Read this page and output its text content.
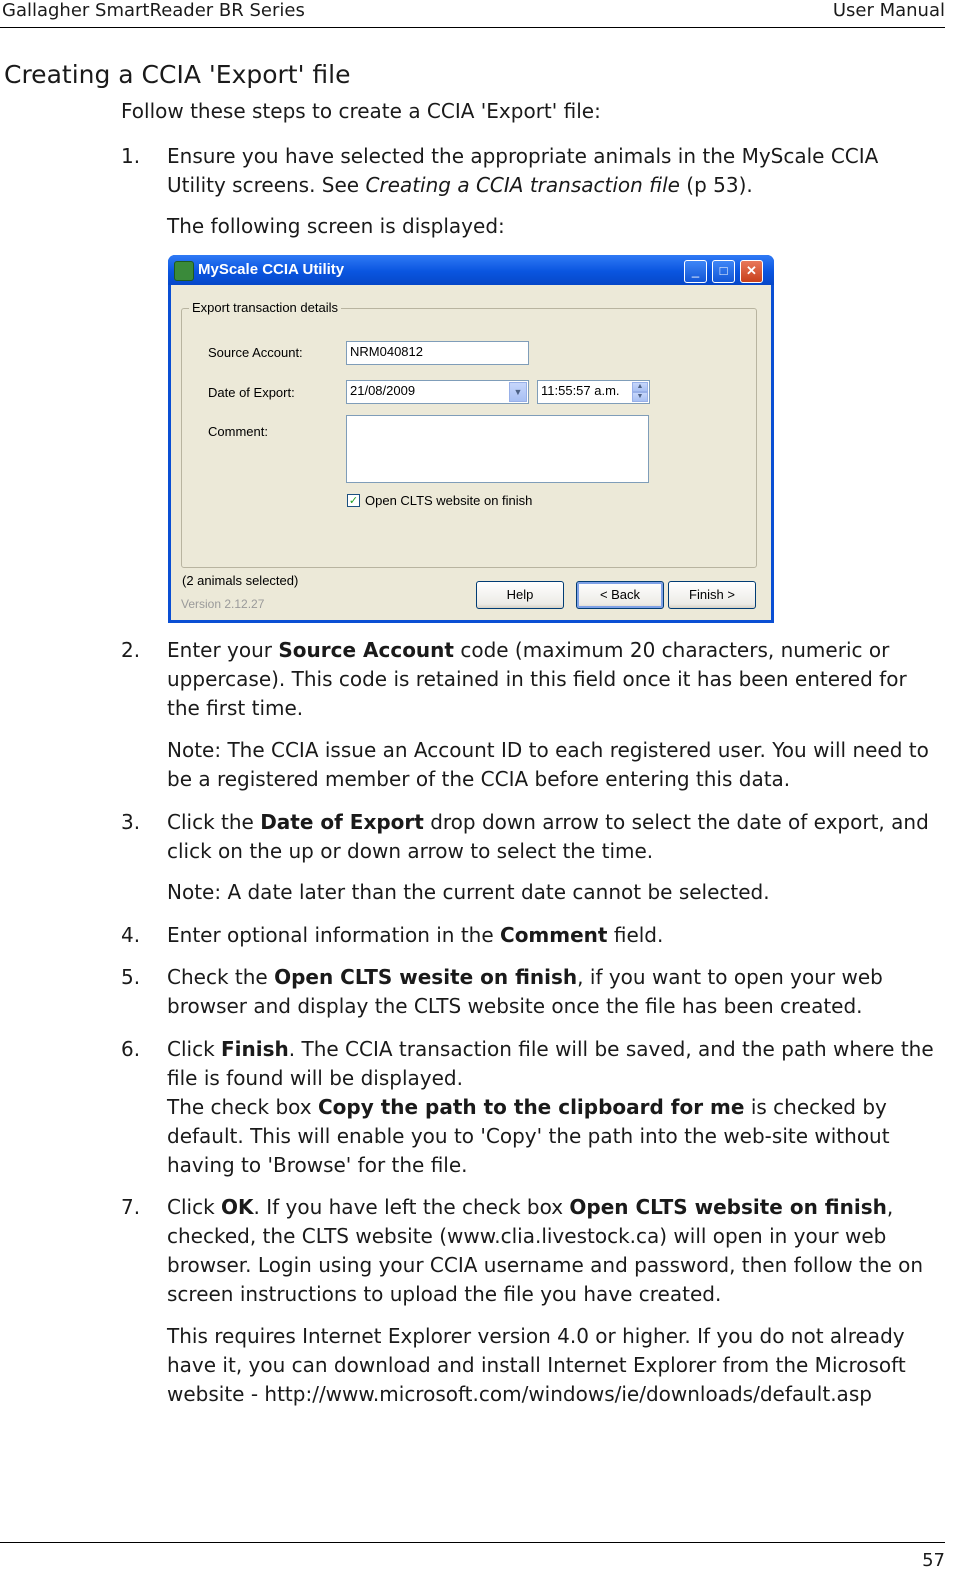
Gallagher SmartReader BR Series	User Manual
Creating a CCIA 'Export' file

Follow these steps to create a CCIA 'Export' file:

1. Ensure you have selected the appropriate animals in the MyScale CCIA Utility screens. See Creating a CCIA transaction file (p 53).

The following screen is displayed:

MyScale CCIA Utility	_	□	✕
Export transaction details
Source Account:	NRM040812
Date of Export:	21/08/2009	▼	11:55:57 a.m.	▲
▼
Comment:
✓ Open CLTS website on finish
(2 animals selected)
Version 2.12.27
Help	< Back	Finish >
2. Enter your Source Account code (maximum 20 characters, numeric or uppercase). This code is retained in this field once it has been entered for the first time.
Note: The CCIA issue an Account ID to each registered user. You will need to be a registered member of the CCIA before entering this data.
3. Click the Date of Export drop down arrow to select the date of export, and click on the up or down arrow to select the time.
Note: A date later than the current date cannot be selected.
4. Enter optional information in the Comment field.
5. Check the Open CLTS wesite on finish, if you want to open your web browser and display the CLTS website once the file has been created.
6. Click Finish. The CCIA transaction file will be saved, and the path where the file is found will be displayed.
The check box Copy the path to the clipboard for me is checked by default. This will enable you to 'Copy' the path into the web-site without having to 'Browse' for the file.
7. Click OK. If you have left the check box Open CLTS website on finish, checked, the CLTS website (www.clia.livestock.ca) will open in your web browser. Login using your CCIA username and password, then follow the on screen instructions to upload the file you have created.

This requires Internet Explorer version 4.0 or higher. If you do not already have it, you can download and install Internet Explorer from the Microsoft website - http://www.microsoft.com/windows/ie/downloads/default.asp

57
